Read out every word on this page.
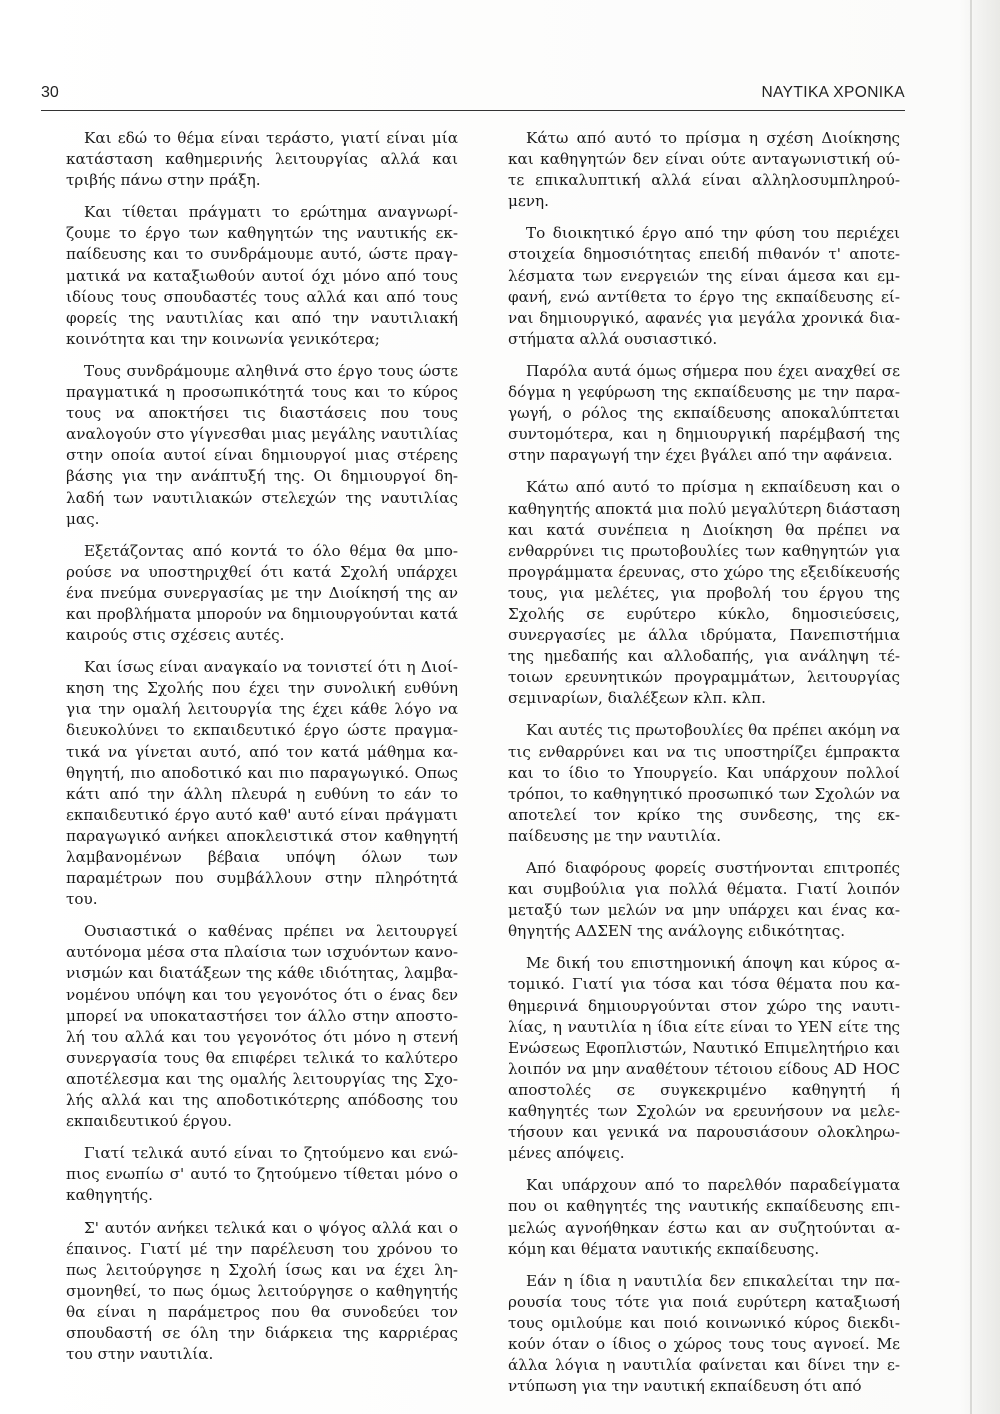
30	ΝΑΥΤΙΚΑ ΧΡΟΝΙΚΑ

Και εδώ το θέμα είναι τεράστο, γιατί είναι μία κατάσταση καθημερινής λειτουργίας αλλά και τριβής πάνω στην πράξη.

Και τίθεται πράγματι το ερώτημα αναγνωρίζουμε το έργο των καθηγητών της ναυτικής εκπαίδευσης και το συνδράμουμε αυτό, ώστε πραγματικά να καταξιωθούν αυτοί όχι μόνο από τους ιδίους τους σπουδαστές τους αλλά και από τους φορείς της ναυτιλίας και από την ναυτιλιακή κοινότητα και την κοινωνία γενικότερα;

Τους συνδράμουμε αληθινά στο έργο τους ώστε πραγματικά η προσωπικότητά τους και το κύρος τους να αποκτήσει τις διαστάσεις που τους αναλογούν στο γίγνεσθαι μιας μεγάλης ναυτιλίας στην οποία αυτοί είναι δημιουργοί μιας στέρεης βάσης για την ανάπτυξή της. Οι δημιουργοί δηλαδή των ναυτιλιακών στελεχών της ναυτιλίας μας.

Εξετάζοντας από κοντά το όλο θέμα θα μπορούσε να υποστηριχθεί ότι κατά Σχολή υπάρχει ένα πνεύμα συνεργασίας με την Διοίκησή της αν και προβλήματα μπορούν να δημιουργούνται κατά καιρούς στις σχέσεις αυτές.

Και ίσως είναι αναγκαίο να τονιστεί ότι η Διοίκηση της Σχολής που έχει την συνολική ευθύνη για την ομαλή λειτουργία της έχει κάθε λόγο να διευκολύνει το εκπαιδευτικό έργο ώστε πραγματικά να γίνεται αυτό, από τον κατά μάθημα καθηγητή, πιο αποδοτικό και πιο παραγωγικό. Οπως κάτι από την άλλη πλευρά η ευθύνη το εάν το εκπαιδευτικό έργο αυτό καθ' αυτό είναι πράγματι παραγωγικό ανήκει αποκλειστικά στον καθηγητή λαμβανομένων βέβαια υπόψη όλων των παραμέτρων που συμβάλλουν στην πληρότητά του.

Ουσιαστικά ο καθένας πρέπει να λειτουργεί αυτόνομα μέσα στα πλαίσια των ισχυόντων κανονισμών και διατάξεων της κάθε ιδιότητας, λαμβανομένου υπόψη και του γεγονότος ότι ο ένας δεν μπορεί να υποκαταστήσει τον άλλο στην αποστολή του αλλά και του γεγονότος ότι μόνο η στενή συνεργασία τους θα επιφέρει τελικά το καλύτερο αποτέλεσμα και της ομαλής λειτουργίας της Σχολής αλλά και της αποδοτικότερης απόδοσης του εκπαιδευτικού έργου.

Γιατί τελικά αυτό είναι το ζητούμενο και ενώπιος ενωπίω σ' αυτό το ζητούμενο τίθεται μόνο ο καθηγητής.

Σ' αυτόν ανήκει τελικά και ο ψόγος αλλά και ο έπαινος. Γιατί μέ την παρέλευση του χρόνου το πως λειτούργησε η Σχολή ίσως και να έχει λησμονηθεί, το πως όμως λειτούργησε ο καθηγητής θα είναι η παράμετρος που θα συνοδεύει τον σπουδαστή σε όλη την διάρκεια της καρριέρας του στην ναυτιλία.

Κάτω από αυτό το πρίσμα η σχέση Διοίκησης και καθηγητών δεν είναι ούτε ανταγωνιστική ούτε επικαλυπτική αλλά είναι αλληλοσυμπληρούμενη.

Το διοικητικό έργο από την φύση του περιέχει στοιχεία δημοσιότητας επειδή πιθανόν τ' αποτελέσματα των ενεργειών της είναι άμεσα και εμφανή, ενώ αντίθετα το έργο της εκπαίδευσης είναι δημιουργικό, αφανές για μεγάλα χρονικά διαστήματα αλλά ουσιαστικό.

Παρόλα αυτά όμως σήμερα που έχει αναχθεί σε δόγμα η γεφύρωση της εκπαίδευσης με την παραγωγή, ο ρόλος της εκπαίδευσης αποκαλύπτεται συντομότερα, και η δημιουργική παρέμβασή της στην παραγωγή την έχει βγάλει από την αφάνεια.

Κάτω από αυτό το πρίσμα η εκπαίδευση και ο καθηγητής αποκτά μια πολύ μεγαλύτερη διάσταση και κατά συνέπεια η Διοίκηση θα πρέπει να ενθαρρύνει τις πρωτοβουλίες των καθηγητών για προγράμματα έρευνας, στο χώρο της εξειδίκευσής τους, για μελέτες, για προβολή του έργου της Σχολής σε ευρύτερο κύκλο, δημοσιεύσεις, συνεργασίες με άλλα ιδρύματα, Πανεπιστήμια της ημεδαπής και αλλοδαπής, για ανάληψη τέτοιων ερευνητικών προγραμμάτων, λειτουργίας σεμιναρίων, διαλέξεων κλπ. κλπ.

Και αυτές τις πρωτοβουλίες θα πρέπει ακόμη να τις ενθαρρύνει και να τις υποστηρίζει έμπρακτα και το ίδιο το Υπουργείο. Και υπάρχουν πολλοί τρόποι, το καθηγητικό προσωπικό των Σχολών να αποτελεί τον κρίκο της συνδεσης, της εκπαίδευσης με την ναυτιλία.

Από διαφόρους φορείς συστήνονται επιτροπές και συμβούλια για πολλά θέματα. Γιατί λοιπόν μεταξύ των μελών να μην υπάρχει και ένας καθηγητής ΑΔΣΕΝ της ανάλογης ειδικότητας.

Με δική του επιστημονική άποψη και κύρος ατομικό. Γιατί για τόσα και τόσα θέματα που καθημερινά δημιουργούνται στον χώρο της ναυτιλίας, η ναυτιλία η ίδια είτε είναι το ΥΕΝ είτε της Ενώσεως Εφοπλιστών, Ναυτικό Επιμελητήριο και λοιπόν να μην αναθέτουν τέτοιου είδους AD HOC αποστολές σε συγκεκριμένο καθηγητή ή καθηγητές των Σχολών να ερευνήσουν να μελετήσουν και γενικά να παρουσιάσουν ολοκληρωμένες απόψεις.

Και υπάρχουν από το παρελθόν παραδείγματα που οι καθηγητές της ναυτικής εκπαίδευσης επιμελώς αγνοήθηκαν έστω και αν συζητούνται ακόμη και θέματα ναυτικής εκπαίδευσης.

Εάν η ίδια η ναυτιλία δεν επικαλείται την παρουσία τους τότε για ποιά ευρύτερη καταξιωσή τους ομιλούμε και ποιό κοινωνικό κύρος διεκδικούν όταν ο ίδιος ο χώρος τους τους αγνοεί. Με άλλα λόγια η ναυτιλία φαίνεται και δίνει την εντύπωση για την ναυτική εκπαίδευση ότι από
